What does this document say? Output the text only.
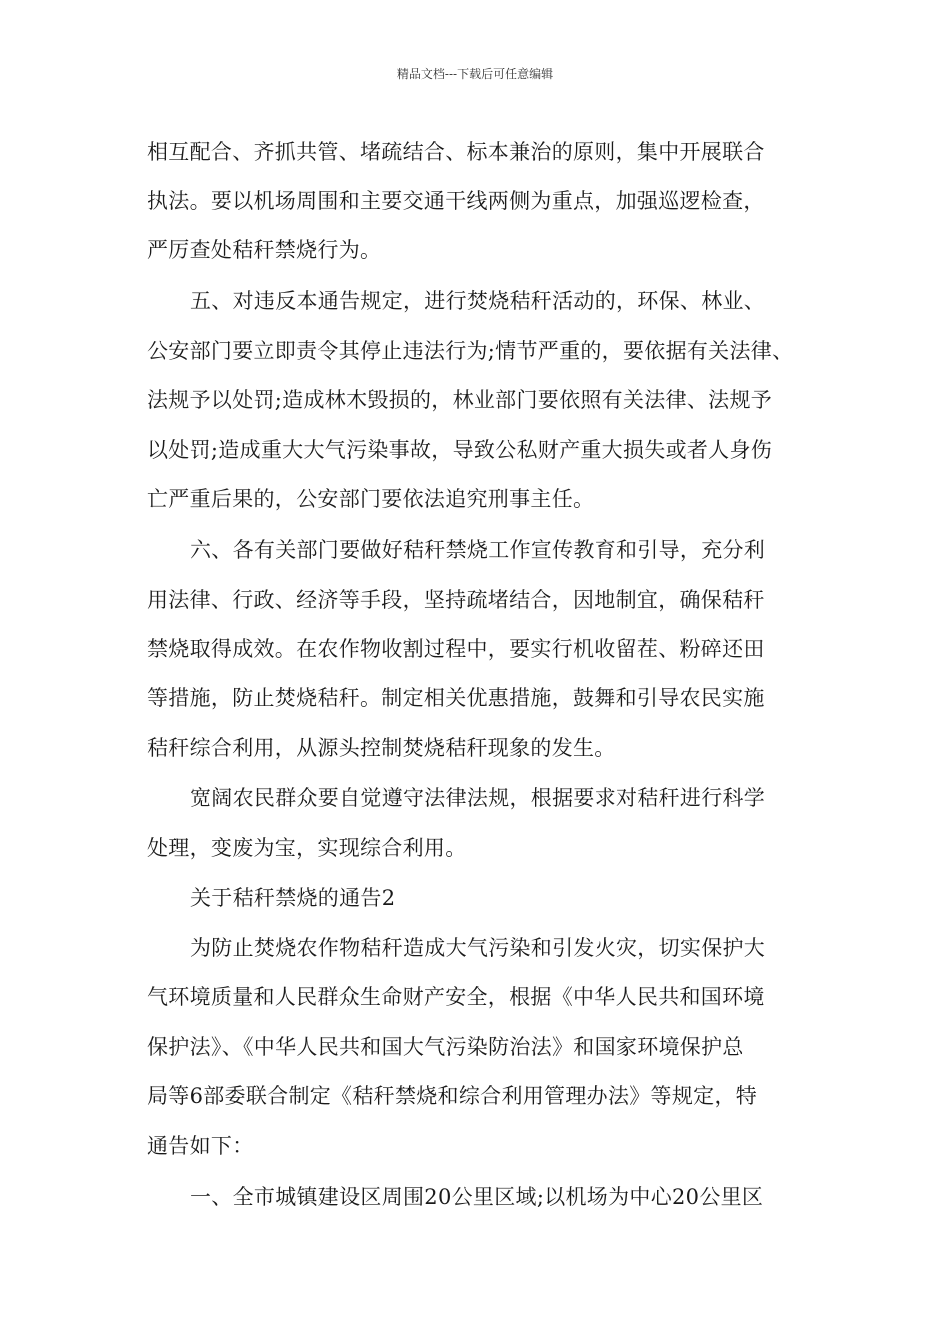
精品文档---下载后可任意编辑
相互配合、齐抓共管、堵疏结合、标本兼治的原则，集中开展联合
执法。要以机场周围和主要交通干线两侧为重点，加强巡逻检查，
严厉查处秸秆禁烧行为。
五、对违反本通告规定，进行焚烧秸秆活动的，环保、林业、
公安部门要立即责令其停止违法行为;情节严重的，要依据有关法律、
法规予以处罚;造成林木毁损的，林业部门要依照有关法律、法规予
以处罚;造成重大大气污染事故，导致公私财产重大损失或者人身伤
亡严重后果的，公安部门要依法追究刑事主任。
六、各有关部门要做好秸秆禁烧工作宣传教育和引导，充分利
用法律、行政、经济等手段，坚持疏堵结合，因地制宜，确保秸秆
禁烧取得成效。在农作物收割过程中，要实行机收留茬、粉碎还田
等措施，防止焚烧秸秆。制定相关优惠措施，鼓舞和引导农民实施
秸秆综合利用，从源头控制焚烧秸秆现象的发生。
宽阔农民群众要自觉遵守法律法规，根据要求对秸秆进行科学
处理，变废为宝，实现综合利用。
关于秸秆禁烧的通告2
为防止焚烧农作物秸秆造成大气污染和引发火灾，切实保护大
气环境质量和人民群众生命财产安全，根据《中华人民共和国环境
保护法》、《中华人民共和国大气污染防治法》和国家环境保护总
局等6部委联合制定《秸秆禁烧和综合利用管理办法》等规定，特
通告如下：
一、全市城镇建设区周围20公里区域;以机场为中心20公里区
